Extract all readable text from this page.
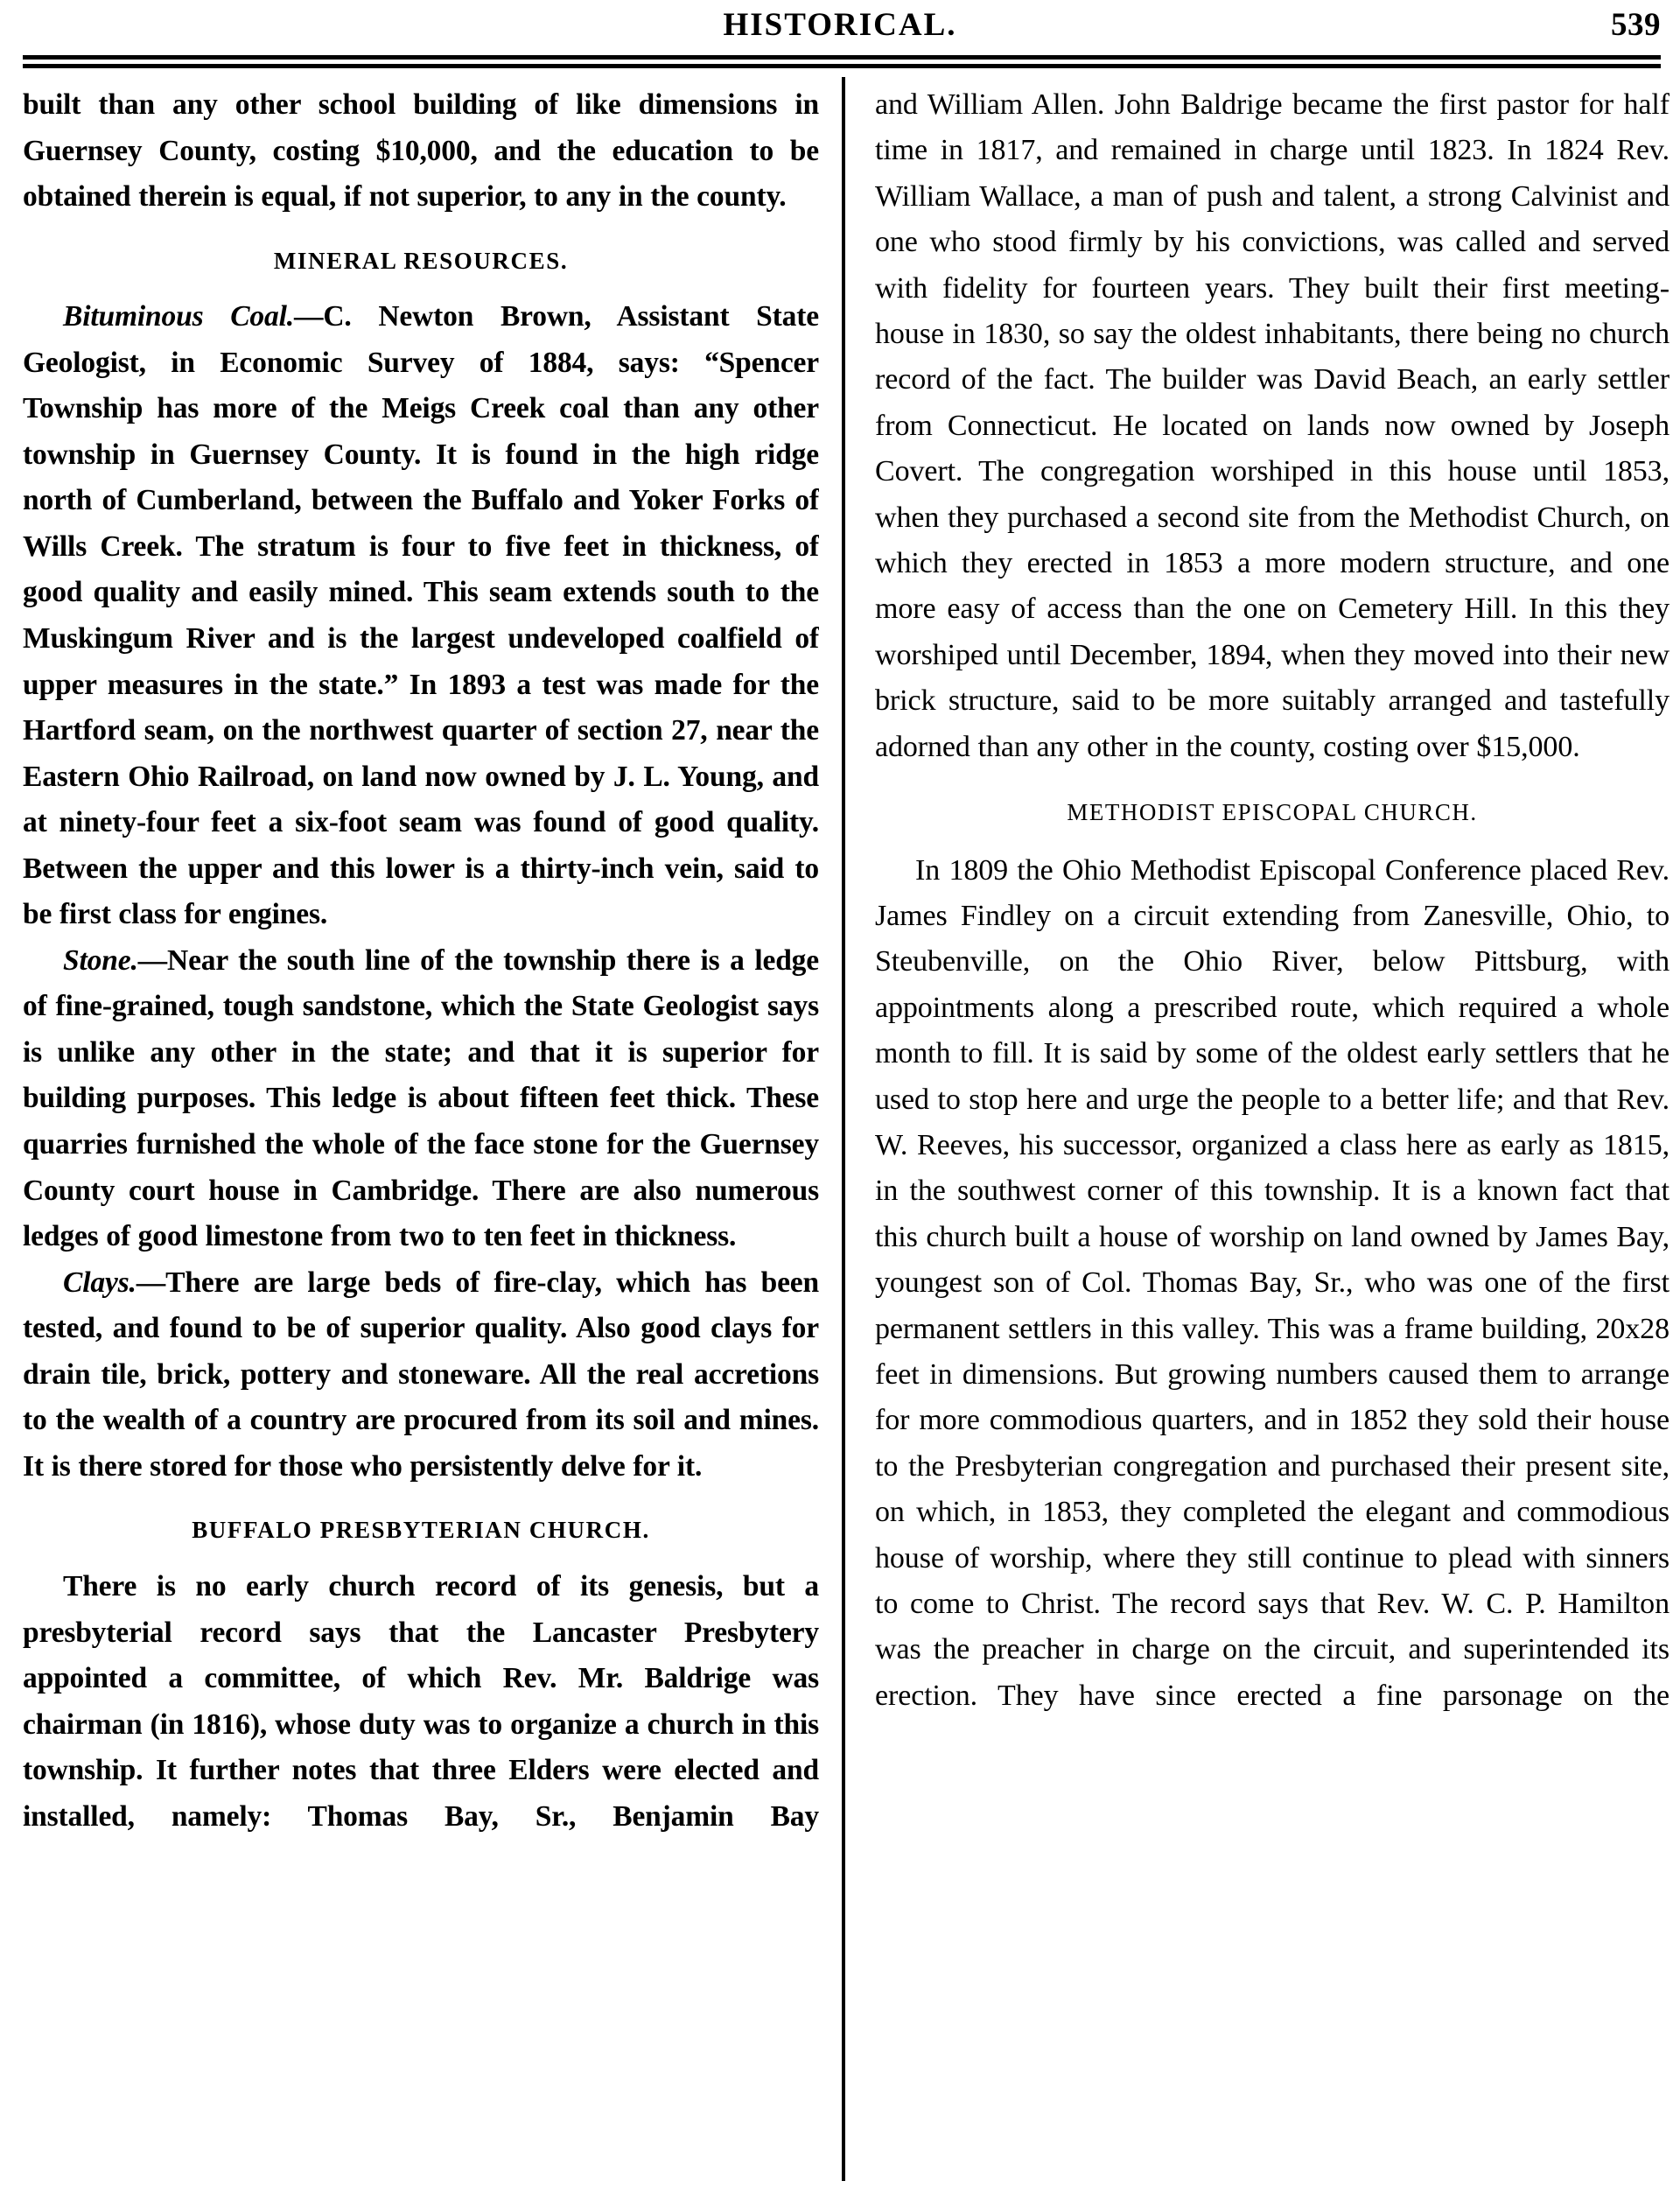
HISTORICAL.	539

built than any other school building of like dimensions in Guernsey County, costing $10,000, and the education to be obtained therein is equal, if not superior, to any in the county.

MINERAL RESOURCES.

Bituminous Coal.—C. Newton Brown, Assistant State Geologist, in Economic Survey of 1884, says: “Spencer Township has more of the Meigs Creek coal than any other township in Guernsey County. It is found in the high ridge north of Cumberland, between the Buffalo and Yoker Forks of Wills Creek. The stratum is four to five feet in thickness, of good quality and easily mined. This seam extends south to the Muskingum River and is the largest undeveloped coalfield of upper measures in the state.” In 1893 a test was made for the Hartford seam, on the northwest quarter of section 27, near the Eastern Ohio Railroad, on land now owned by J. L. Young, and at ninety-four feet a six-foot seam was found of good quality. Between the upper and this lower is a thirty-inch vein, said to be first class for engines.

Stone.—Near the south line of the township there is a ledge of fine-grained, tough sandstone, which the State Geologist says is unlike any other in the state; and that it is superior for building purposes. This ledge is about fifteen feet thick. These quarries furnished the whole of the face stone for the Guernsey County court house in Cambridge. There are also numerous ledges of good limestone from two to ten feet in thickness.

Clays.—There are large beds of fire-clay, which has been tested, and found to be of superior quality. Also good clays for drain tile, brick, pottery and stoneware. All the real accretions to the wealth of a country are procured from its soil and mines. It is there stored for those who persistently delve for it.

BUFFALO PRESBYTERIAN CHURCH.

There is no early church record of its genesis, but a presbyterial record says that the Lancaster Presbytery appointed a committee, of which Rev. Mr. Baldrige was chairman (in 1816), whose duty was to organize a church in this township. It further notes that three Elders were elected and installed, namely: Thomas Bay, Sr., Benjamin Bay

and William Allen. John Baldrige became the first pastor for half time in 1817, and remained in charge until 1823. In 1824 Rev. William Wallace, a man of push and talent, a strong Calvinist and one who stood firmly by his convictions, was called and served with fidelity for fourteen years. They built their first meeting-house in 1830, so say the oldest inhabitants, there being no church record of the fact. The builder was David Beach, an early settler from Connecticut. He located on lands now owned by Joseph Covert. The congregation worshiped in this house until 1853, when they purchased a second site from the Methodist Church, on which they erected in 1853 a more modern structure, and one more easy of access than the one on Cemetery Hill. In this they worshiped until December, 1894, when they moved into their new brick structure, said to be more suitably arranged and tastefully adorned than any other in the county, costing over $15,000.

METHODIST EPISCOPAL CHURCH.

In 1809 the Ohio Methodist Episcopal Conference placed Rev. James Findley on a circuit extending from Zanesville, Ohio, to Steubenville, on the Ohio River, below Pittsburg, with appointments along a prescribed route, which required a whole month to fill. It is said by some of the oldest early settlers that he used to stop here and urge the people to a better life; and that Rev. W. Reeves, his successor, organized a class here as early as 1815, in the southwest corner of this township. It is a known fact that this church built a house of worship on land owned by James Bay, youngest son of Col. Thomas Bay, Sr., who was one of the first permanent settlers in this valley. This was a frame building, 20x28 feet in dimensions. But growing numbers caused them to arrange for more commodious quarters, and in 1852 they sold their house to the Presbyterian congregation and purchased their present site, on which, in 1853, they completed the elegant and commodious house of worship, where they still continue to plead with sinners to come to Christ. The record says that Rev. W. C. P. Hamilton was the preacher in charge on the circuit, and superintended its erection. They have since erected a fine parsonage on the
